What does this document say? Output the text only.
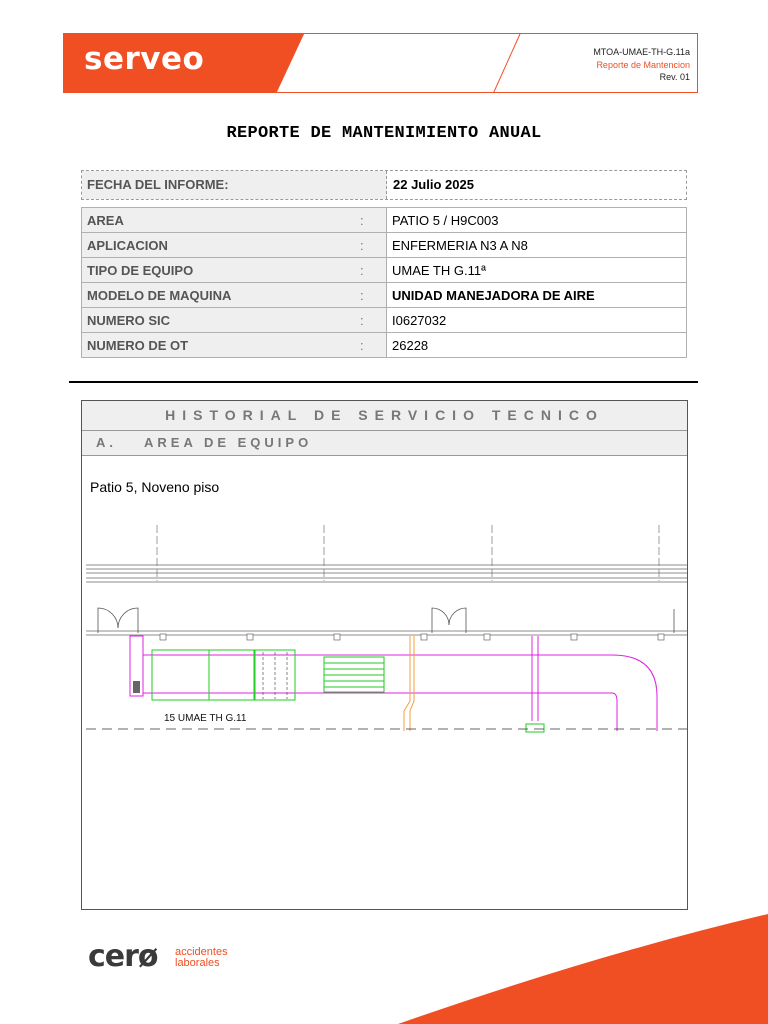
serveo	MTOA-UMAE-TH-G.11a
Reporte de Mantencion
Rev. 01
REPORTE DE MANTENIMIENTO ANUAL
FECHA DEL INFORME:	22 Julio 2025
AREA	:	PATIO 5 / H9C003
APLICACION	:	ENFERMERIA N3 A N8
TIPO DE EQUIPO	:	UMAE TH G.11ª
MODELO DE MAQUINA	:	UNIDAD MANEJADORA DE AIRE
NUMERO SIC	:	I0627032
NUMERO DE OT	:	26228
HISTORIAL DE SERVICIO TECNICO
A. AREA DE EQUIPO
Patio 5, Noveno piso
15 UMAE TH G.11
cerø accidentes
laborales
